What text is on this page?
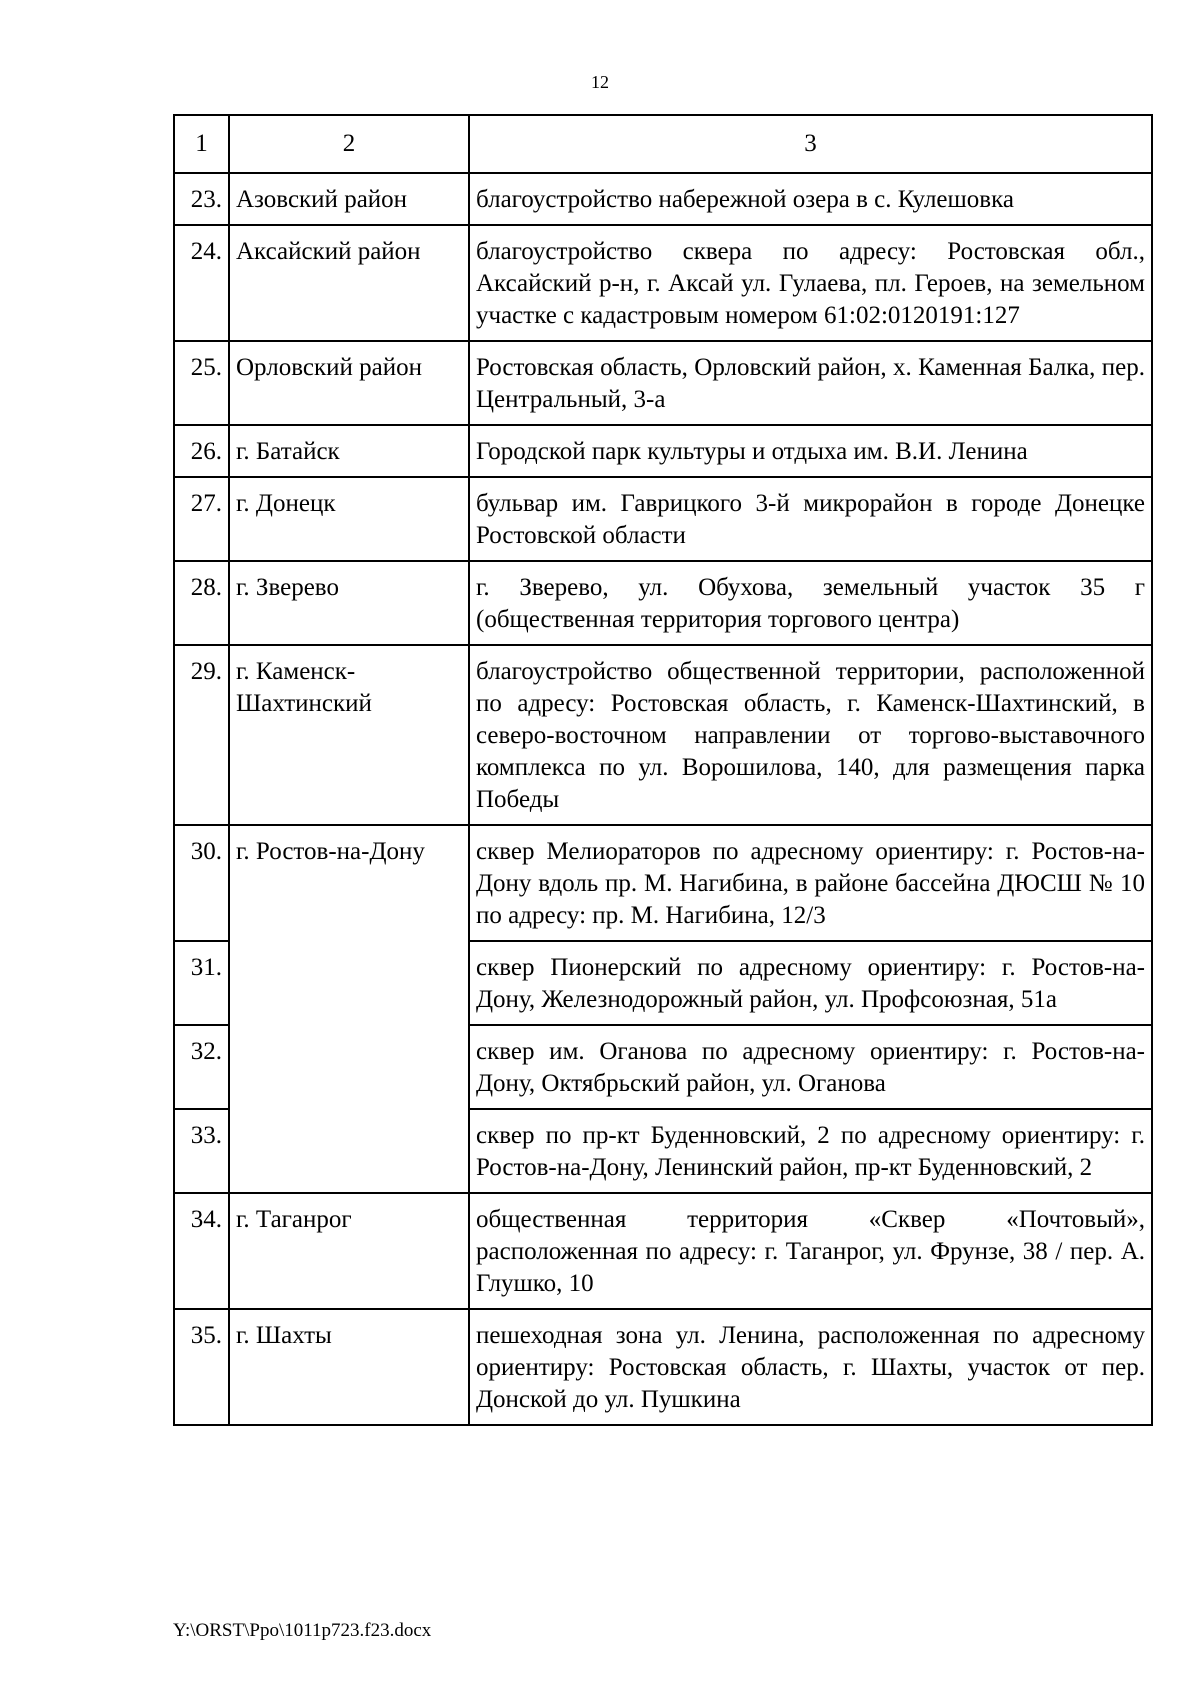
12
1	2	3
23.	Азовский район	благоустройство набережной озера в с. Кулешовка
24.	Аксайский район	благоустройство сквера по адресу: Ростовская обл., Аксайский р-н, г. Аксай ул. Гулаева, пл. Героев, на земельном участке с кадастровым номером 61:02:0120191:127
25.	Орловский район	Ростовская область, Орловский район, х. Каменная Балка, пер. Центральный, 3-а
26.	г. Батайск	Городской парк культуры и отдыха им. В.И. Ленина
27.	г. Донецк	бульвар им. Гаврицкого 3-й микрорайон в городе Донецке Ростовской области
28.	г. Зверево	г. Зверево, ул. Обухова, земельный участок 35 г (общественная территория торгового центра)
29.	г. Каменск-Шахтинский	благоустройство общественной территории, расположенной по адресу: Ростовская область, г. Каменск-Шахтинский, в северо-восточном направлении от торгово-выставочного комплекса по ул. Ворошилова, 140, для размещения парка Победы
30.	г. Ростов-на-Дону	сквер Мелиораторов по адресному ориентиру: г. Ростов-на-Дону вдоль пр. М. Нагибина, в районе бассейна ДЮСШ № 10 по адресу: пр. М. Нагибина, 12/3
31.		сквер Пионерский по адресному ориентиру: г. Ростов-на-Дону, Железнодорожный район, ул. Профсоюзная, 51а
32.		сквер им. Оганова по адресному ориентиру: г. Ростов-на-Дону, Октябрьский район, ул. Оганова
33.		сквер по пр-кт Буденновский, 2 по адресному ориентиру: г. Ростов-на-Дону, Ленинский район, пр-кт Буденновский, 2
34.	г. Таганрог	общественная территория «Сквер «Почтовый», расположенная по адресу: г. Таганрог, ул. Фрунзе, 38 / пер. А. Глушко, 10
35.	г. Шахты	пешеходная зона ул. Ленина, расположенная по адресному ориентиру: Ростовская область, г. Шахты, участок от пер. Донской до ул. Пушкина
Y:\ORST\Ppo\1011p723.f23.docx
